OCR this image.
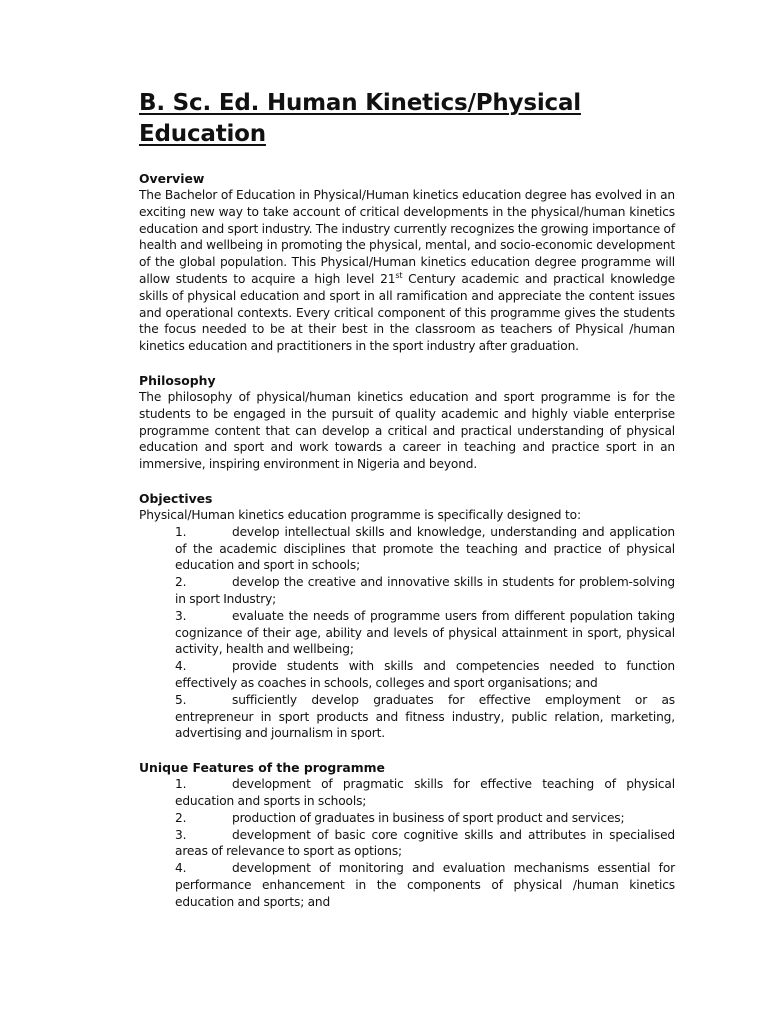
B. Sc. Ed. Human Kinetics/Physical Education

Overview

The Bachelor of Education in Physical/Human kinetics education degree has evolved in an exciting new way to take account of critical developments in the physical/human kinetics education and sport industry. The industry currently recognizes the growing importance of health and wellbeing in promoting the physical, mental, and socio-economic development of the global population. This Physical/Human kinetics education degree programme will allow students to acquire a high level 21st Century academic and practical knowledge skills of physical education and sport in all ramification and appreciate the content issues and operational contexts. Every critical component of this programme gives the students the focus needed to be at their best in the classroom as teachers of Physical /human kinetics education and practitioners in the sport industry after graduation.

Philosophy

The philosophy of physical/human kinetics education and sport programme is for the students to be engaged in the pursuit of quality academic and highly viable enterprise programme content that can develop a critical and practical understanding of physical education and sport and work towards a career in teaching and practice sport in an immersive, inspiring environment in Nigeria and beyond.

Objectives

Physical/Human kinetics education programme is specifically designed to:

1.	develop intellectual skills and knowledge, understanding and application of the academic disciplines that promote the teaching and practice of physical education and sport in schools;
2.	develop the creative and innovative skills in students for problem-solving in sport Industry;
3.	evaluate the needs of programme users from different population taking cognizance of their age, ability and levels of physical attainment in sport, physical activity, health and wellbeing;
4.	provide students with skills and competencies needed to function effectively as coaches in schools, colleges and sport organisations; and
5.	sufficiently develop graduates for effective employment or as entrepreneur in sport products and fitness industry, public relation, marketing, advertising and journalism in sport.

Unique Features of the programme

1.	development of pragmatic skills for effective teaching of physical education and sports in schools;
2.	production of graduates in business of sport product and services;
3.	development of basic core cognitive skills and attributes in specialised areas of relevance to sport as options;
4.	development of monitoring and evaluation mechanisms essential for performance enhancement in the components of physical /human kinetics education and sports; and
